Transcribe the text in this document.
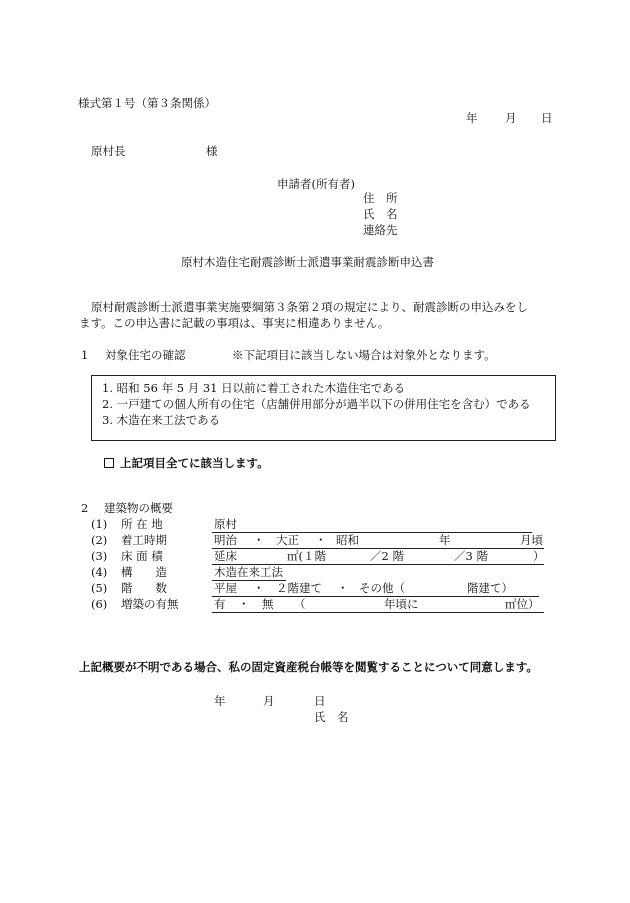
様式第１号（第３条関係）
年 月 日
原村長	様
申請者(所有者)
住　所
氏　名
連絡先
原村木造住宅耐震診断士派遣事業耐震診断申込書
原村耐震診断士派遣事業実施要綱第３条第２項の規定により、耐震診断の申込みをし
ます。この申込書に記載の事項は、事実に相違ありません。
1 対象住宅の確認	※下記項目に該当しない場合は対象外となります。
1. 昭和 56 年 5 月 31 日以前に着工された木造住宅である
2. 一戸建ての個人所有の住宅（店舗併用部分が過半以下の併用住宅を含む）である
3. 木造在来工法である
上記項目全てに該当します。
2 建築物の概要
(1) 所 在 地	原村
(2) 着工時期	明治 ・ 大正 ・ 昭和	年	月頃
(3) 床 面 積	延床	㎡(１階	／2 階	／3 階	）
(4) 構　　造	木造在来工法
(5) 階　　数	平屋 ・ ２階建て ・ その他（	階建て）
(6) 増築の有無	有 ・ 無 （	年頃に	㎡位）
上記概要が不明である場合、私の固定資産税台帳等を閲覧することについて同意します。
年	月	日
氏　名
